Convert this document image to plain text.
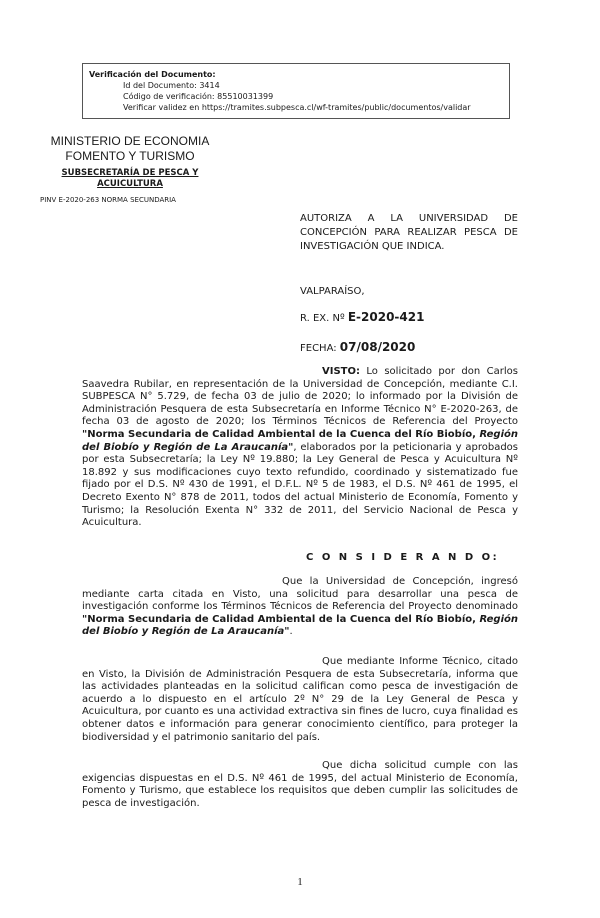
Verificación del Documento:
• Id del Documento: 3414
• Código de verificación: 85510031399
• Verificar validez en https://tramites.subpesca.cl/wf-tramites/public/documentos/validar
MINISTERIO DE ECONOMIA
FOMENTO Y TURISMO
SUBSECRETARÍA DE PESCA Y ACUICULTURA
PINV E-2020-263 NORMA SECUNDARIA
AUTORIZA A LA UNIVERSIDAD DE CONCEPCIÓN PARA REALIZAR PESCA DE INVESTIGACIÓN QUE INDICA.
VALPARAÍSO,
R. EX. Nº E-2020-421
FECHA: 07/08/2020
VISTO: Lo solicitado por don Carlos Saavedra Rubilar, en representación de la Universidad de Concepción, mediante C.I. SUBPESCA N° 5.729, de fecha 03 de julio de 2020; lo informado por la División de Administración Pesquera de esta Subsecretaría en Informe Técnico N° E-2020-263, de fecha 03 de agosto de 2020; los Términos Técnicos de Referencia del Proyecto "Norma Secundaria de Calidad Ambiental de la Cuenca del Río Biobío, Región del Biobío y Región de La Araucanía", elaborados por la peticionaria y aprobados por esta Subsecretaría; la Ley Nº 19.880; la Ley General de Pesca y Acuicultura Nº 18.892 y sus modificaciones cuyo texto refundido, coordinado y sistematizado fue fijado por el D.S. Nº 430 de 1991, el D.F.L. Nº 5 de 1983, el D.S. Nº 461 de 1995, el Decreto Exento N° 878 de 2011, todos del actual Ministerio de Economía, Fomento y Turismo; la Resolución Exenta N° 332 de 2011, del Servicio Nacional de Pesca y Acuicultura.
C O N S I D E R A N D O:
Que la Universidad de Concepción, ingresó mediante carta citada en Visto, una solicitud para desarrollar una pesca de investigación conforme los Términos Técnicos de Referencia del Proyecto denominado "Norma Secundaria de Calidad Ambiental de la Cuenca del Río Biobío, Región del Biobío y Región de La Araucanía".
Que mediante Informe Técnico, citado en Visto, la División de Administración Pesquera de esta Subsecretaría, informa que las actividades planteadas en la solicitud califican como pesca de investigación de acuerdo a lo dispuesto en el artículo 2º N° 29 de la Ley General de Pesca y Acuicultura, por cuanto es una actividad extractiva sin fines de lucro, cuya finalidad es obtener datos e información para generar conocimiento científico, para proteger la biodiversidad y el patrimonio sanitario del país.
Que dicha solicitud cumple con las exigencias dispuestas en el D.S. Nº 461 de 1995, del actual Ministerio de Economía, Fomento y Turismo, que establece los requisitos que deben cumplir las solicitudes de pesca de investigación.
1
